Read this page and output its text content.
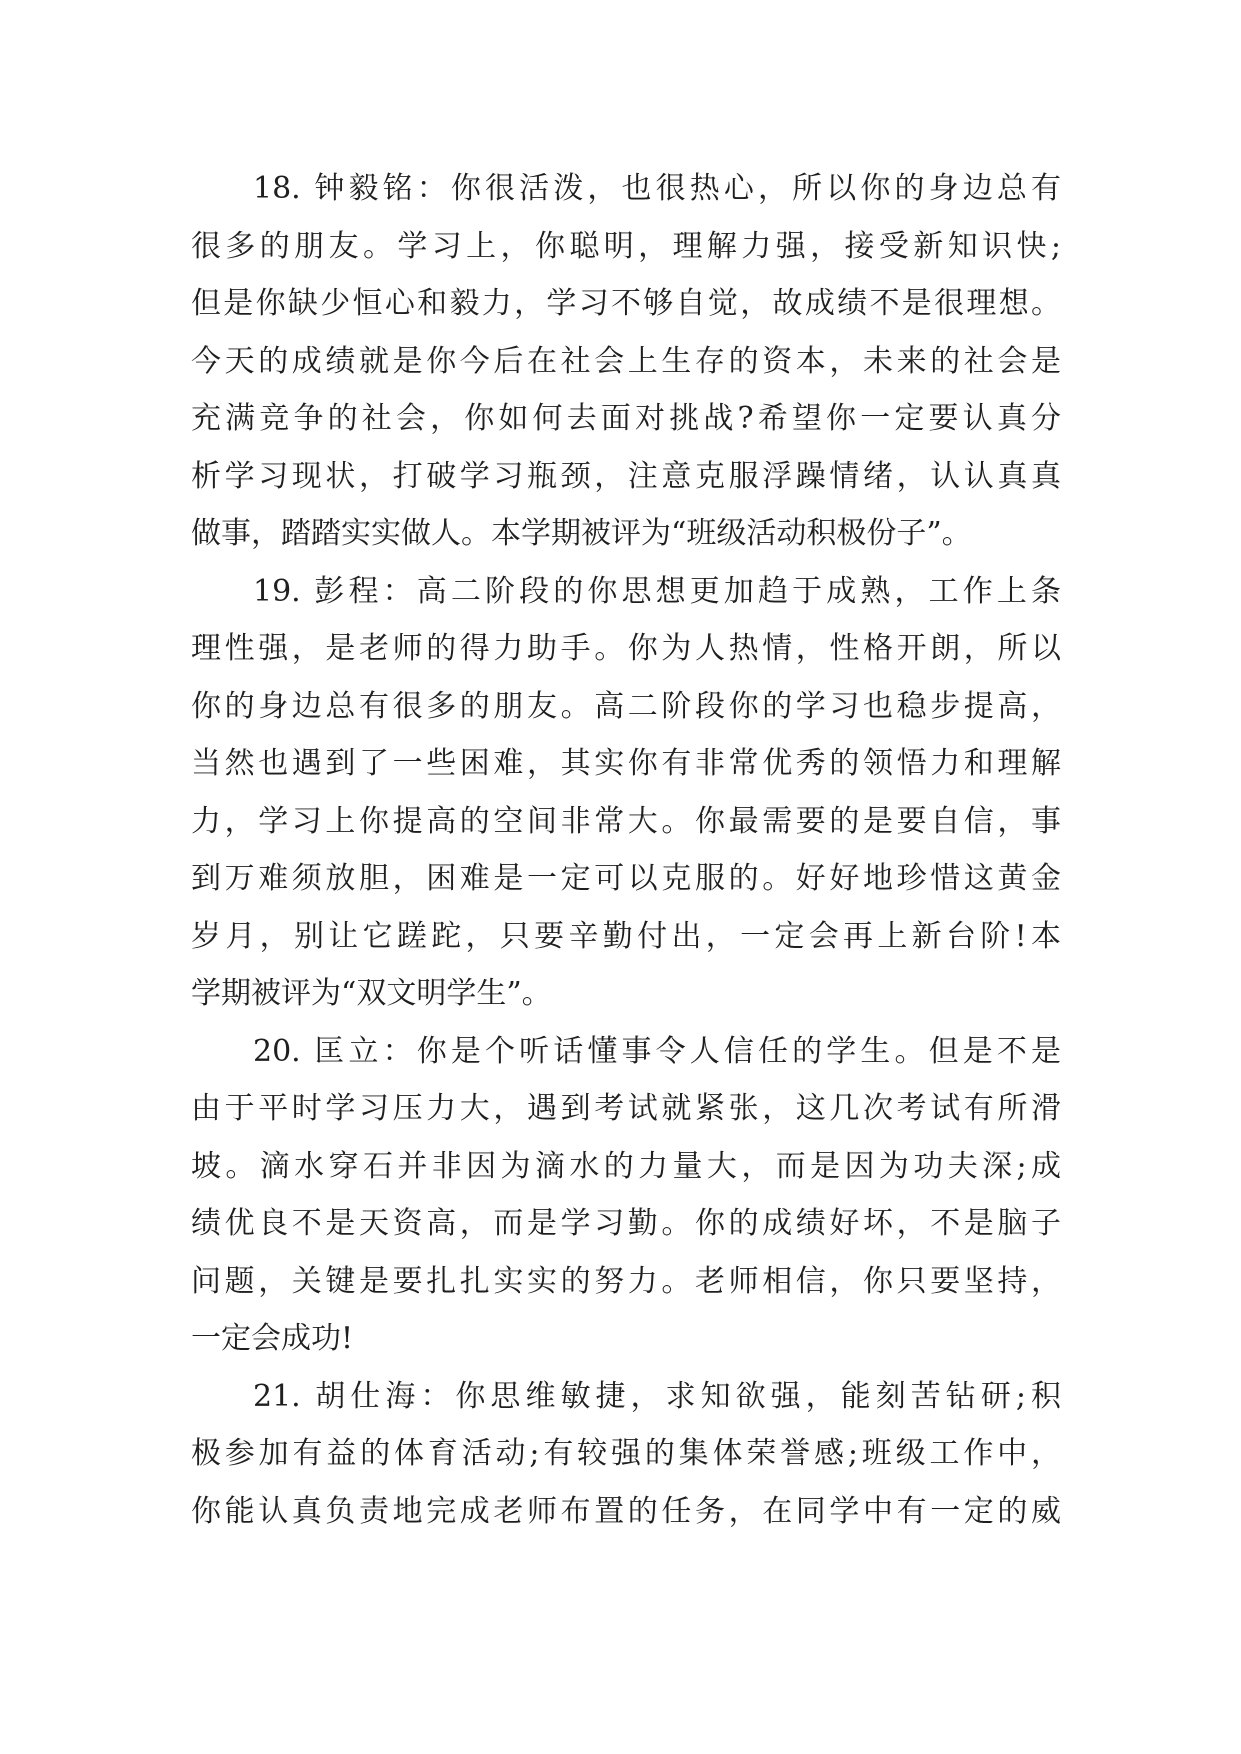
18. 钟毅铭：你很活泼，也很热心，所以你的身边总有
很多的朋友。学习上，你聪明，理解力强，接受新知识快;
但是你缺少恒心和毅力，学习不够自觉，故成绩不是很理想。
今天的成绩就是你今后在社会上生存的资本，未来的社会是
充满竞争的社会，你如何去面对挑战?希望你一定要认真分
析学习现状，打破学习瓶颈，注意克服浮躁情绪，认认真真
做事，踏踏实实做人。本学期被评为“班级活动积极份子”。
19. 彭程：高二阶段的你思想更加趋于成熟，工作上条
理性强，是老师的得力助手。你为人热情，性格开朗，所以
你的身边总有很多的朋友。高二阶段你的学习也稳步提高，
当然也遇到了一些困难，其实你有非常优秀的领悟力和理解
力，学习上你提高的空间非常大。你最需要的是要自信，事
到万难须放胆，困难是一定可以克服的。好好地珍惜这黄金
岁月，别让它蹉跎，只要辛勤付出，一定会再上新台阶!本
学期被评为“双文明学生”。
20. 匡立：你是个听话懂事令人信任的学生。但是不是
由于平时学习压力大，遇到考试就紧张，这几次考试有所滑
坡。滴水穿石并非因为滴水的力量大，而是因为功夫深;成
绩优良不是天资高，而是学习勤。你的成绩好坏，不是脑子
问题，关键是要扎扎实实的努力。老师相信，你只要坚持，
一定会成功!
21. 胡仕海：你思维敏捷，求知欲强，能刻苦钻研;积
极参加有益的体育活动;有较强的集体荣誉感;班级工作中，
你能认真负责地完成老师布置的任务，在同学中有一定的威
